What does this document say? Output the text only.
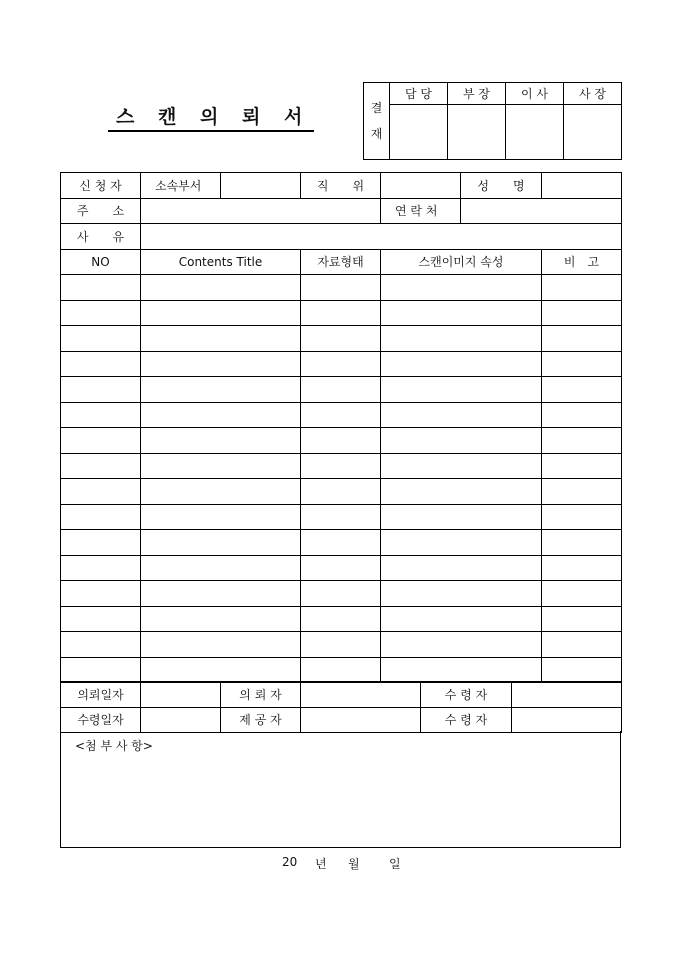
스 캔 의 뢰 서	결
재	담 당	부 장	이 사	사 장

신 청 자	소속부서		직　　위		성　　명	
주　　소				연 락 처		
사　　유						
NO	Contents Title		자료형태	스캔이미지 속성		비　고

의뢰일자		의 뢰 자		수 령 자	
수령일자		제 공 자		수 령 자	
<첨 부 사 항>
20 년 월 일
